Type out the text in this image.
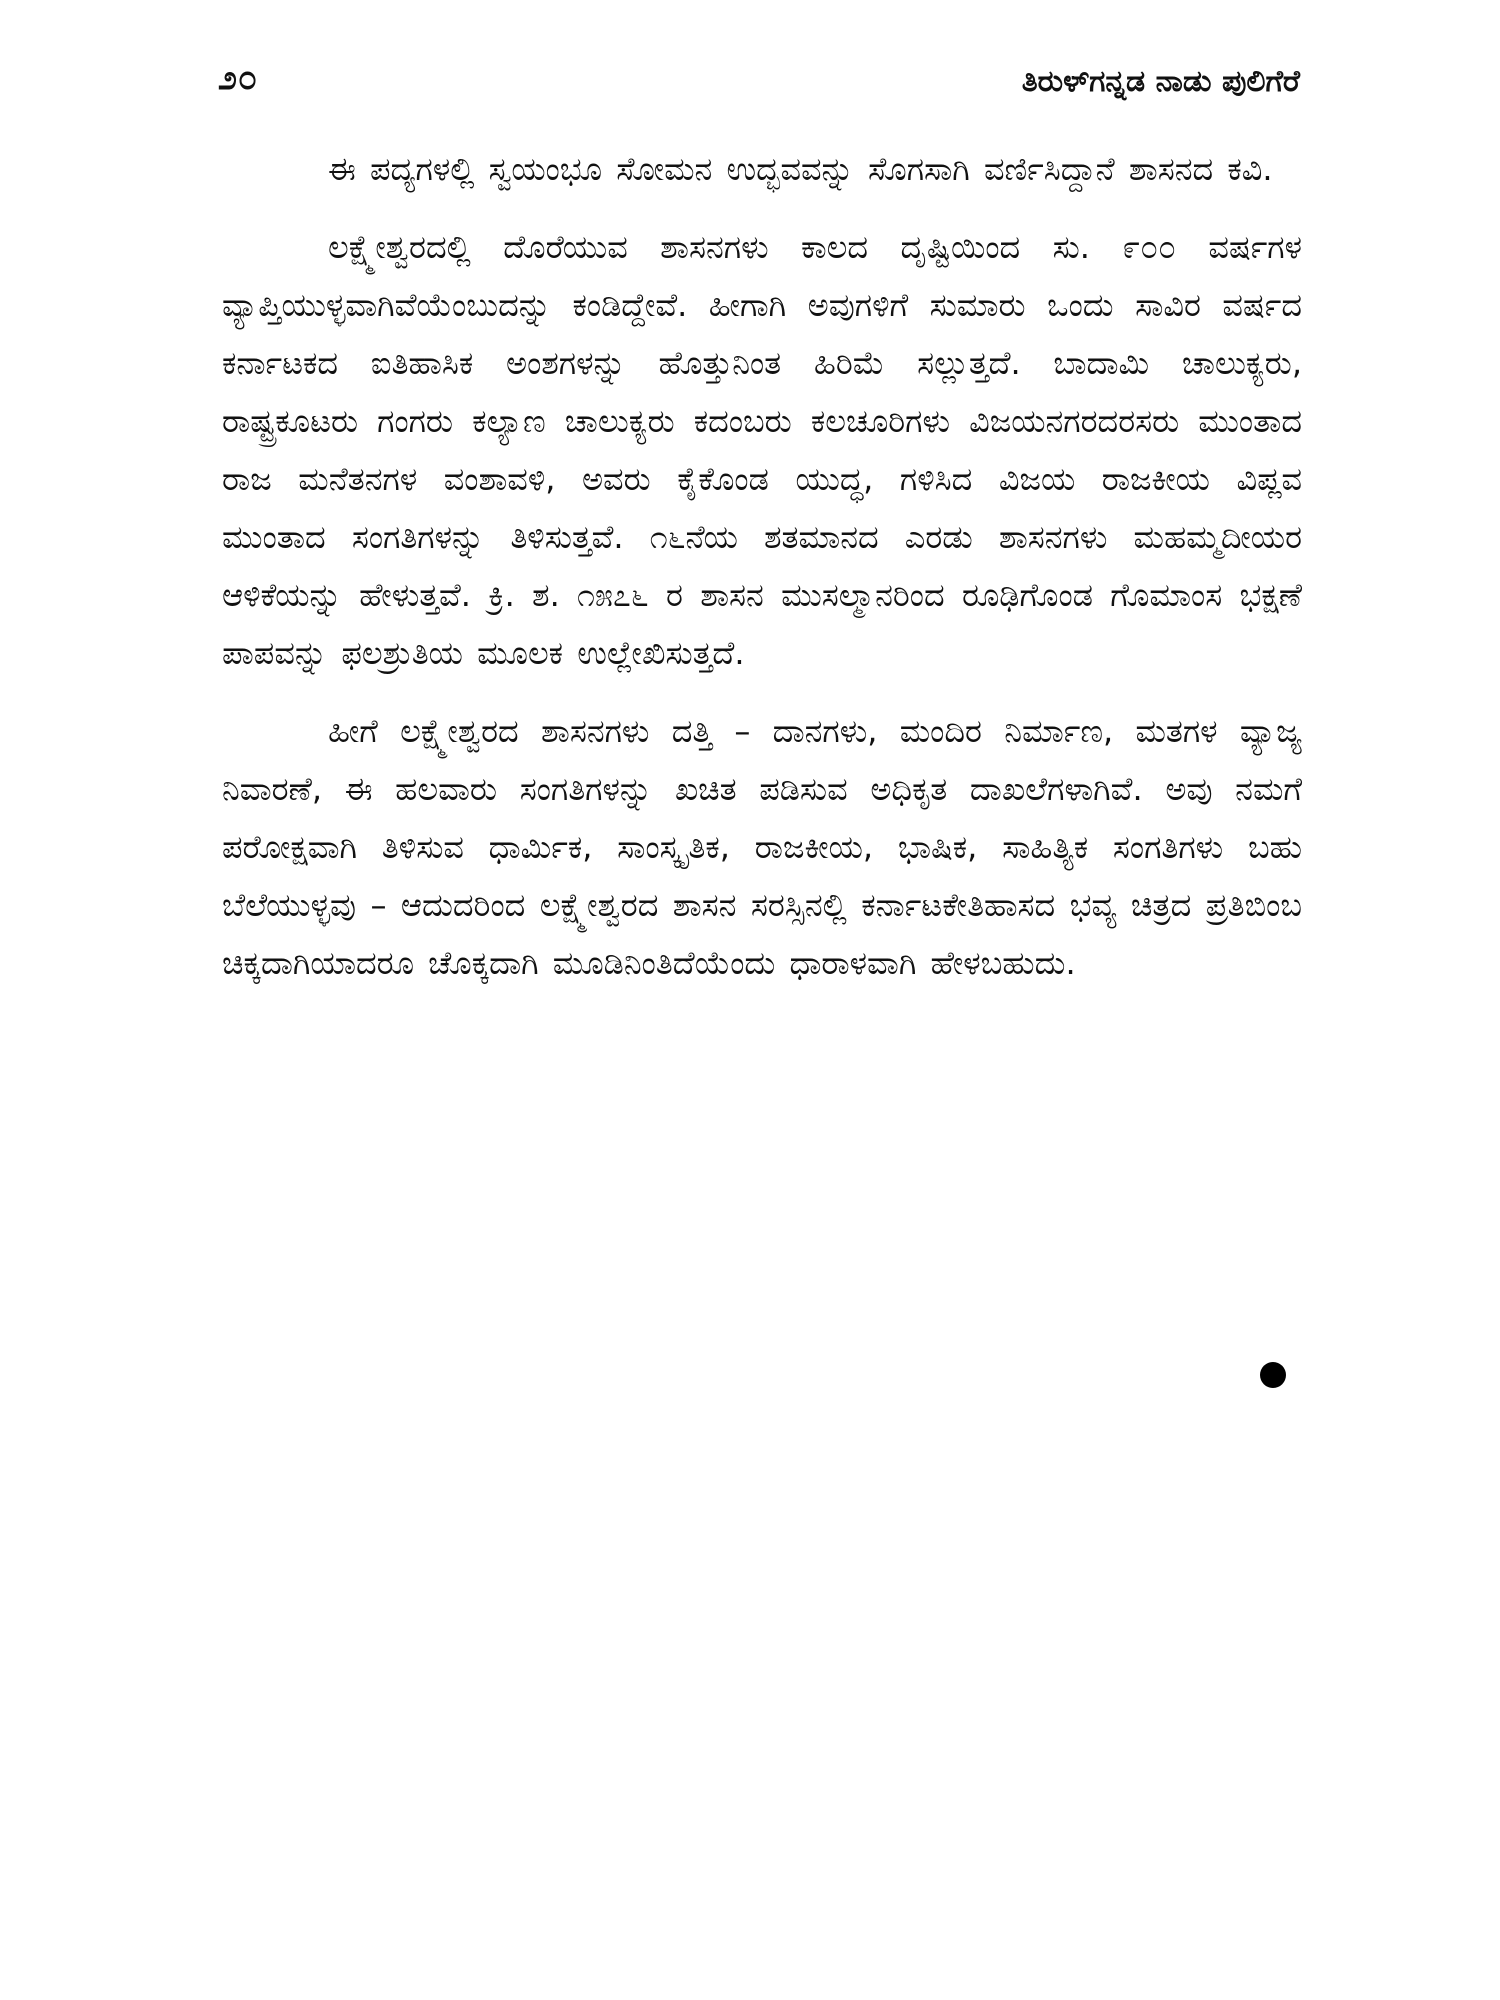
೨೦	ತಿರುಳ್‌ಗನ್ನಡ ನಾಡು ಪುಲಿಗೆರೆ

ಈ ಪದ್ಯಗಳಲ್ಲಿ ಸ್ವಯಂಭೂ ಸೋಮನ ಉದ್ಭವವನ್ನು ಸೊಗಸಾಗಿ ವರ್ಣಿಸಿದ್ದಾನೆ ಶಾಸನದ ಕವಿ.

ಲಕ್ಷ್ಮೇಶ್ವರದಲ್ಲಿ ದೊರೆಯುವ ಶಾಸನಗಳು ಕಾಲದ ದೃಷ್ಟಿಯಿಂದ ಸು. ೯೦೦ ವರ್ಷಗಳ ವ್ಯಾಪ್ತಿಯುಳ್ಳವಾಗಿವೆಯೆಂಬುದನ್ನು ಕಂಡಿದ್ದೇವೆ. ಹೀಗಾಗಿ ಅವುಗಳಿಗೆ ಸುಮಾರು ಒಂದು ಸಾವಿರ ವರ್ಷದ ಕರ್ನಾಟಕದ ಐತಿಹಾಸಿಕ ಅಂಶಗಳನ್ನು ಹೊತ್ತುನಿಂತ ಹಿರಿಮೆ ಸಲ್ಲುತ್ತದೆ. ಬಾದಾಮಿ ಚಾಲುಕ್ಯರು, ರಾಷ್ಟ್ರಕೂಟರು ಗಂಗರು ಕಲ್ಯಾಣ ಚಾಲುಕ್ಯರು ಕದಂಬರು ಕಲಚೂರಿಗಳು ವಿಜಯನಗರದರಸರು ಮುಂತಾದ ರಾಜ ಮನೆತನಗಳ ವಂಶಾವಳಿ, ಅವರು ಕೈಕೊಂಡ ಯುದ್ಧ, ಗಳಿಸಿದ ವಿಜಯ ರಾಜಕೀಯ ವಿಪ್ಲವ ಮುಂತಾದ ಸಂಗತಿಗಳನ್ನು ತಿಳಿಸುತ್ತವೆ. ೧೬ನೆಯ ಶತಮಾನದ ಎರಡು ಶಾಸನಗಳು ಮಹಮ್ಮದೀಯರ ಆಳಿಕೆಯನ್ನು ಹೇಳುತ್ತವೆ. ಕ್ರಿ. ಶ. ೧೫೭೬ ರ ಶಾಸನ ಮುಸಲ್ಮಾನರಿಂದ ರೂಢಿಗೊಂಡ ಗೊಮಾಂಸ ಭಕ್ಷಣೆ ಪಾಪವನ್ನು ಫಲಶ್ರುತಿಯ ಮೂಲಕ ಉಲ್ಲೇಖಿಸುತ್ತದೆ.

ಹೀಗೆ ಲಕ್ಷ್ಮೇಶ್ವರದ ಶಾಸನಗಳು ದತ್ತಿ – ದಾನಗಳು, ಮಂದಿರ ನಿರ್ಮಾಣ, ಮತಗಳ ವ್ಯಾಜ್ಯ ನಿವಾರಣೆ, ಈ ಹಲವಾರು ಸಂಗತಿಗಳನ್ನು ಖಚಿತ ಪಡಿಸುವ ಅಧಿಕೃತ ದಾಖಲೆಗಳಾಗಿವೆ. ಅವು ನಮಗೆ ಪರೋಕ್ಷವಾಗಿ ತಿಳಿಸುವ ಧಾರ್ಮಿಕ, ಸಾಂಸ್ಕೃತಿಕ, ರಾಜಕೀಯ, ಭಾಷಿಕ, ಸಾಹಿತ್ಯಿಕ ಸಂಗತಿಗಳು ಬಹು ಬೆಲೆಯುಳ್ಳವು – ಆದುದರಿಂದ ಲಕ್ಷ್ಮೇಶ್ವರದ ಶಾಸನ ಸರಸ್ಸಿನಲ್ಲಿ ಕರ್ನಾಟಕೇತಿಹಾಸದ ಭವ್ಯ ಚಿತ್ರದ ಪ್ರತಿಬಿಂಬ ಚಿಕ್ಕದಾಗಿಯಾದರೂ ಚೊಕ್ಕದಾಗಿ ಮೂಡಿನಿಂತಿದೆಯೆಂದು ಧಾರಾಳವಾಗಿ ಹೇಳಬಹುದು.
